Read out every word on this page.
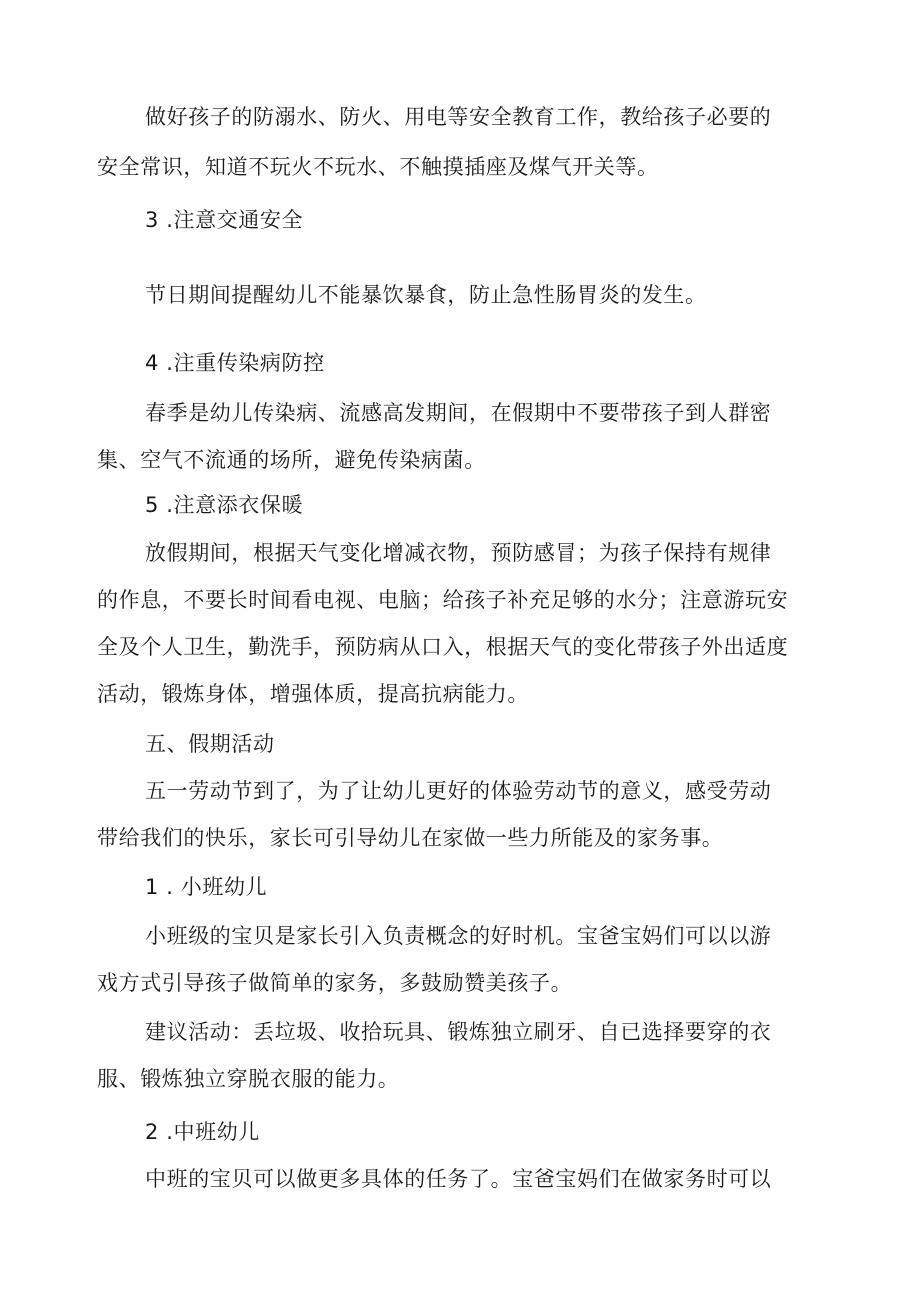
做好孩子的防溺水、防火、用电等安全教育工作，教给孩子必要的
安全常识，知道不玩火不玩水、不触摸插座及煤气开关等。
3 .注意交通安全
节日期间提醒幼儿不能暴饮暴食，防止急性肠胃炎的发生。
4 .注重传染病防控
春季是幼儿传染病、流感高发期间，在假期中不要带孩子到人群密
集、空气不流通的场所，避免传染病菌。
5 .注意添衣保暖
放假期间，根据天气变化增减衣物，预防感冒；为孩子保持有规律
的作息，不要长时间看电视、电脑；给孩子补充足够的水分；注意游玩安
全及个人卫生，勤洗手，预防病从口入，根据天气的变化带孩子外出适度
活动，锻炼身体，增强体质，提高抗病能力。
五、假期活动
五一劳动节到了，为了让幼儿更好的体验劳动节的意义，感受劳动
带给我们的快乐，家长可引导幼儿在家做一些力所能及的家务事。
1 . 小班幼儿
小班级的宝贝是家长引入负责概念的好时机。宝爸宝妈们可以以游
戏方式引导孩子做简单的家务，多鼓励赞美孩子。
建议活动：丢垃圾、收拾玩具、锻炼独立刷牙、自已选择要穿的衣
服、锻炼独立穿脱衣服的能力。
2 .中班幼儿
中班的宝贝可以做更多具体的任务了。宝爸宝妈们在做家务时可以
